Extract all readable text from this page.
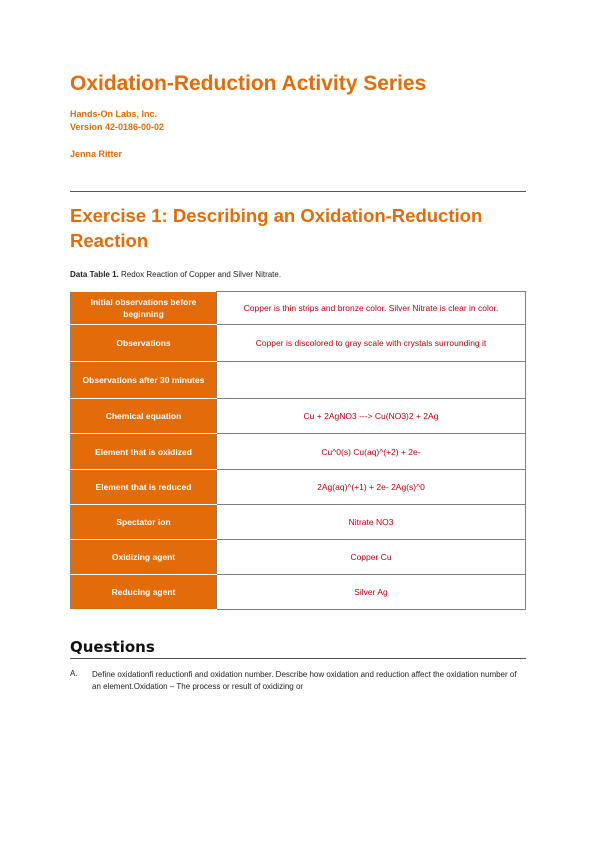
Oxidation-Reduction Activity Series
Hands-On Labs, Inc.
Version 42-0186-00-02
Jenna Ritter
Exercise 1: Describing an Oxidation-Reduction Reaction
Data Table 1. Redox Reaction of Copper and Silver Nitrate.
Initial observations before beginning	Copper is thin strips and bronze color. Silver Nitrate is clear in color.
Observations	Copper is discolored to gray scale with crystals surrounding it
Observations after 30 minutes	
Chemical equation	Cu + 2AgNO3 ---> Cu(NO3)2 + 2Ag
Element that is oxidized	Cu^0(s) Cu(aq)^(+2) + 2e-
Element that is reduced	2Ag(aq)^(+1) + 2e- 2Ag(s)^0
Spectator ion	Nitrate NO3
Oxidizing agent	Copper Cu
Reducing agent	Silver Ag
Questions
A. Define oxidationfi reductionfi and oxidation number. Describe how oxidation and reduction affect the oxidation number of an element.Oxidation – The process or result of oxidizing or
